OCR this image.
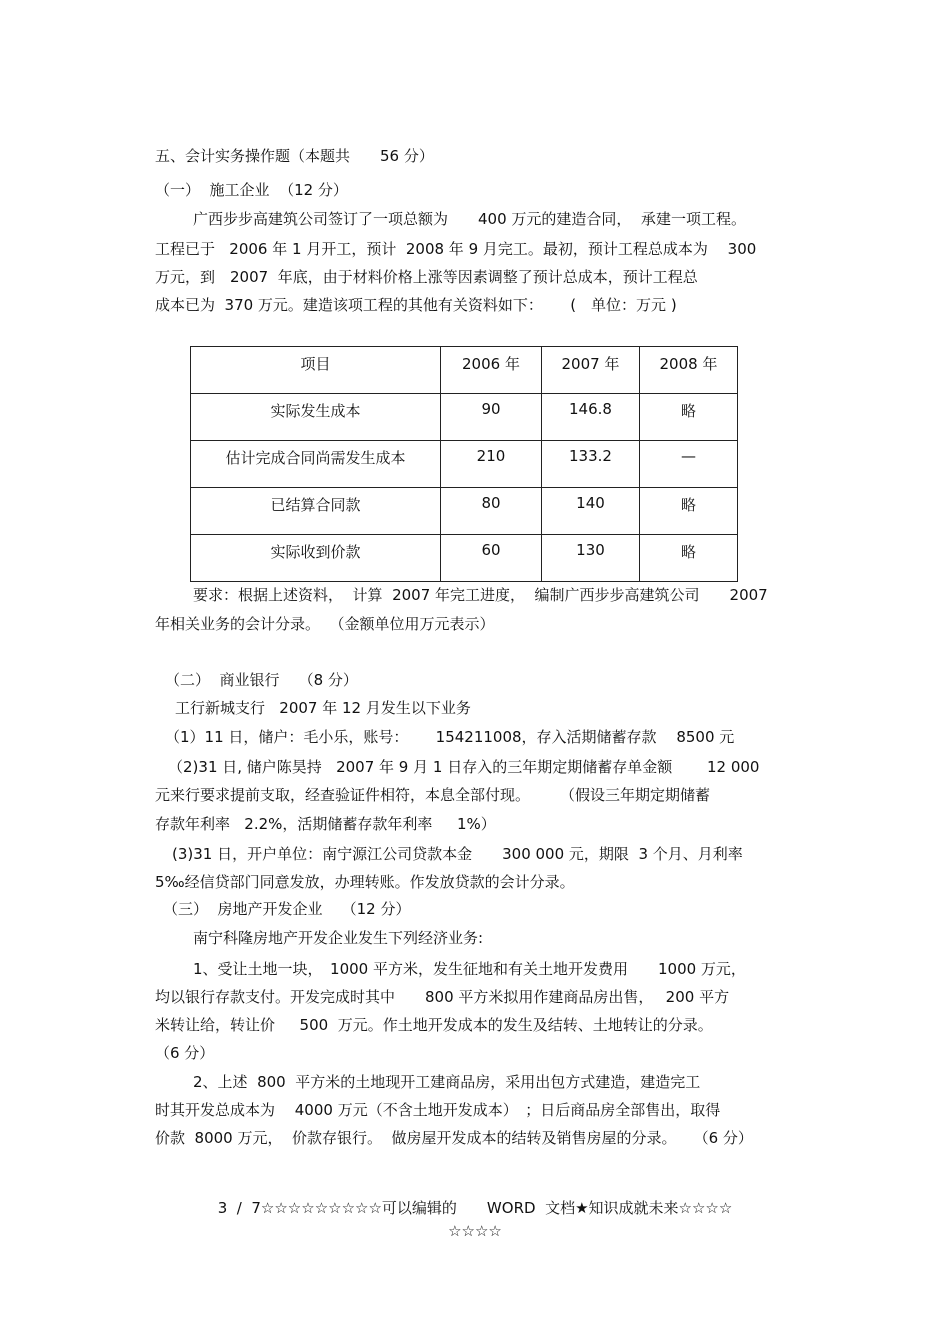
五、会计实务操作题（本题共　　56 分）
（一）  施工企业  （12 分）
广西步步高建筑公司签订了一项总额为　　400 万元的建造合同，  承建一项工程。
工程已于   2006 年 1 月开工，预计  2008 年 9 月完工。最初，预计工程总成本为　 300
万元，到　2007  年底，由于材料价格上涨等因素调整了预计总成本，预计工程总
成本已为  370 万元。建造该项工程的其他有关资料如下：　　 (　单位：万元 )
项目	2006 年	2007 年	2008 年
实际发生成本	90	146.8	略
估计完成合同尚需发生成本	210	133.2	—
已结算合同款	80	140	略
实际收到价款	60	130	略
要求：根据上述资料，  计算  2007 年完工进度，  编制广西步步高建筑公司　　2007
年相关业务的会计分录。  （金额单位用万元表示）
（二）  商业银行    （8 分）
工行新城支行   2007 年 12 月发生以下业务
（1）11 日，储户：毛小乐，账号：　　 154211008，存入活期储蓄存款　 8500 元
（2)31 日, 储户陈昊持   2007 年 9 月 1 日存入的三年期定期储蓄存单金额　　 12 000
元来行要求提前支取，经查验证件相符，本息全部付现。　　　（假设三年期定期储蓄
存款年利率   2.2%，活期储蓄存款年利率　  1%）
(3)31 日，开户单位：南宁源江公司贷款本金　　300 000 元，期限  3 个月、月利率
5‰经信贷部门同意发放，办理转账。作发放贷款的会计分录。
（三）  房地产开发企业    （12 分）
南宁科隆房地产开发企业发生下列经济业务:
1、受让土地一块，　1000 平方米，发生征地和有关土地开发费用　　1000 万元，
均以银行存款支付。开发完成时其中　　800 平方米拟用作建商品房出售，　 200 平方
米转让给，转让价　  500  万元。作土地开发成本的发生及结转、土地转让的分录。
（6 分）
2、上述  800  平方米的土地现开工建商品房，采用出包方式建造，建造完工
时其开发总成本为　 4000 万元（不含土地开发成本）　；日后商品房全部售出，取得
价款  8000 万元，  价款存银行。  做房屋开发成本的结转及销售房屋的分录。　  （6 分）
3  /  7☆☆☆☆☆☆☆☆☆可以编辑的　　WORD  文档★知识成就未来☆☆☆☆
☆☆☆☆
